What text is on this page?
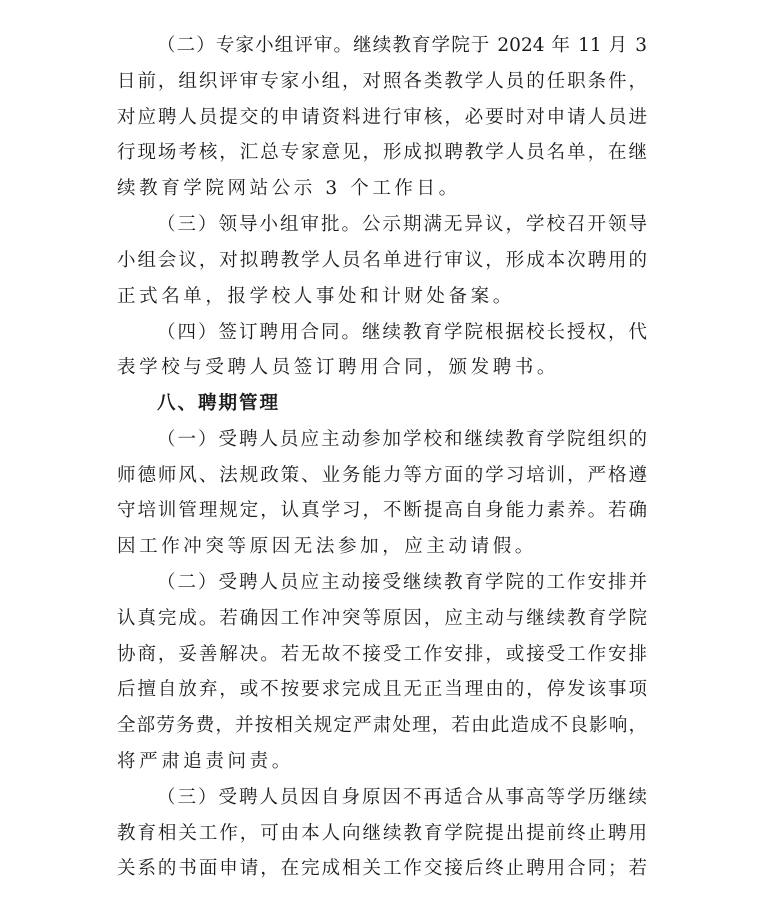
（二）专家小组评审。继续教育学院于 2024 年 11 月 3
日前，组织评审专家小组，对照各类教学人员的任职条件，
对应聘人员提交的申请资料进行审核，必要时对申请人员进
行现场考核，汇总专家意见，形成拟聘教学人员名单，在继
续教育学院网站公示 3 个工作日。
（三）领导小组审批。公示期满无异议，学校召开领导
小组会议，对拟聘教学人员名单进行审议，形成本次聘用的
正式名单，报学校人事处和计财处备案。
（四）签订聘用合同。继续教育学院根据校长授权，代
表学校与受聘人员签订聘用合同，颁发聘书。
八、聘期管理
（一）受聘人员应主动参加学校和继续教育学院组织的
师德师风、法规政策、业务能力等方面的学习培训，严格遵
守培训管理规定，认真学习，不断提高自身能力素养。若确
因工作冲突等原因无法参加，应主动请假。
（二）受聘人员应主动接受继续教育学院的工作安排并
认真完成。若确因工作冲突等原因，应主动与继续教育学院
协商，妥善解决。若无故不接受工作安排，或接受工作安排
后擅自放弃，或不按要求完成且无正当理由的，停发该事项
全部劳务费，并按相关规定严肃处理，若由此造成不良影响，
将严肃追责问责。
（三）受聘人员因自身原因不再适合从事高等学历继续
教育相关工作，可由本人向继续教育学院提出提前终止聘用
关系的书面申请，在完成相关工作交接后终止聘用合同；若
